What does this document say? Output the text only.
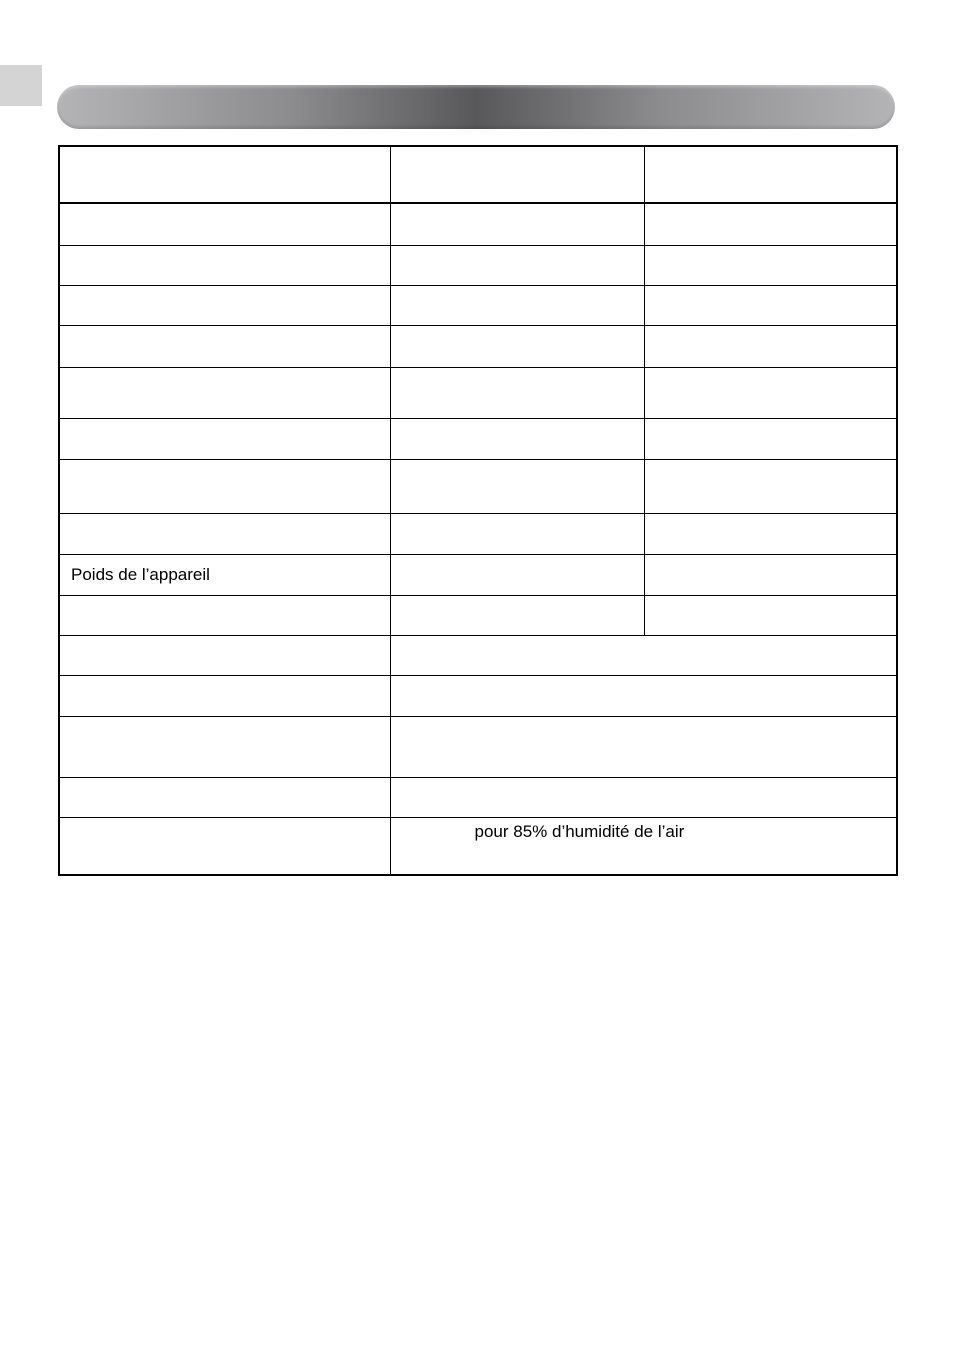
Poids de l’appareil		

	pour 85% d’humidité de l’air	
